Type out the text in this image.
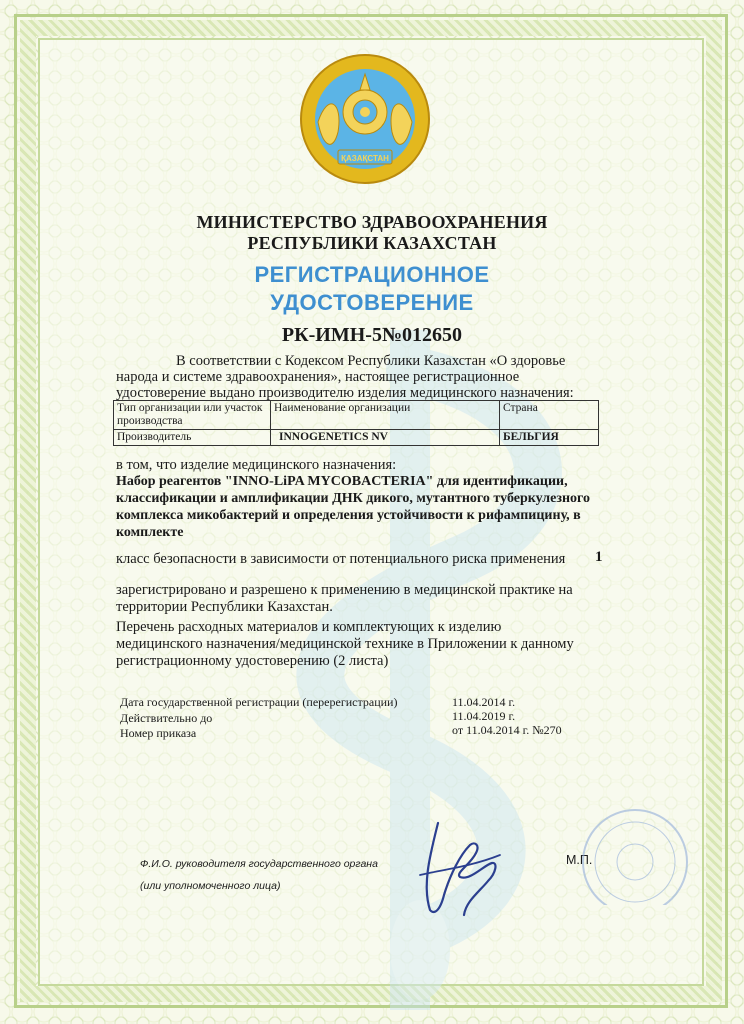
ҚАЗАҚСТАН
МИНИСТЕРСТВО ЗДРАВООХРАНЕНИЯ
РЕСПУБЛИКИ КАЗАХСТАН
РЕГИСТРАЦИОННОЕ
УДОСТОВЕРЕНИЕ
РК-ИМН-5№012650
В соответствии с Кодексом Республики Казахстан «О здоровье
народа и системе здравоохранения», настоящее регистрационное
удостоверение выдано производителю изделия медицинского назначения:
Тип организации или участок производства	Наименование организации	Страна
Производитель	INNOGENETICS NV	БЕЛЬГИЯ
в том, что изделие медицинского назначения:
Набор реагентов "INNO-LiPA MYCOBACTERIA" для идентификации, классификации и амплификации ДНК дикого, мутантного туберкулезного комплекса микобактерий и определения устойчивости к рифампицину, в комплекте
класс безопасности в зависимости от потенциального риска применения 1
зарегистрировано и разрешено к применению в медицинской практике на
территории Республики Казахстан.
Перечень расходных материалов и комплектующих к изделию
медицинского назначения/медицинской технике в Приложении к данному
регистрационному удостоверению (2 листа)
Дата государственной регистрации (перерегистрации)	11.04.2014 г.
Действительно до	11.04.2019 г.
Номер приказа	от 11.04.2014 г. №270
Ф.И.О. руководителя государственного органа
(или уполномоченного лица)
М.П.
